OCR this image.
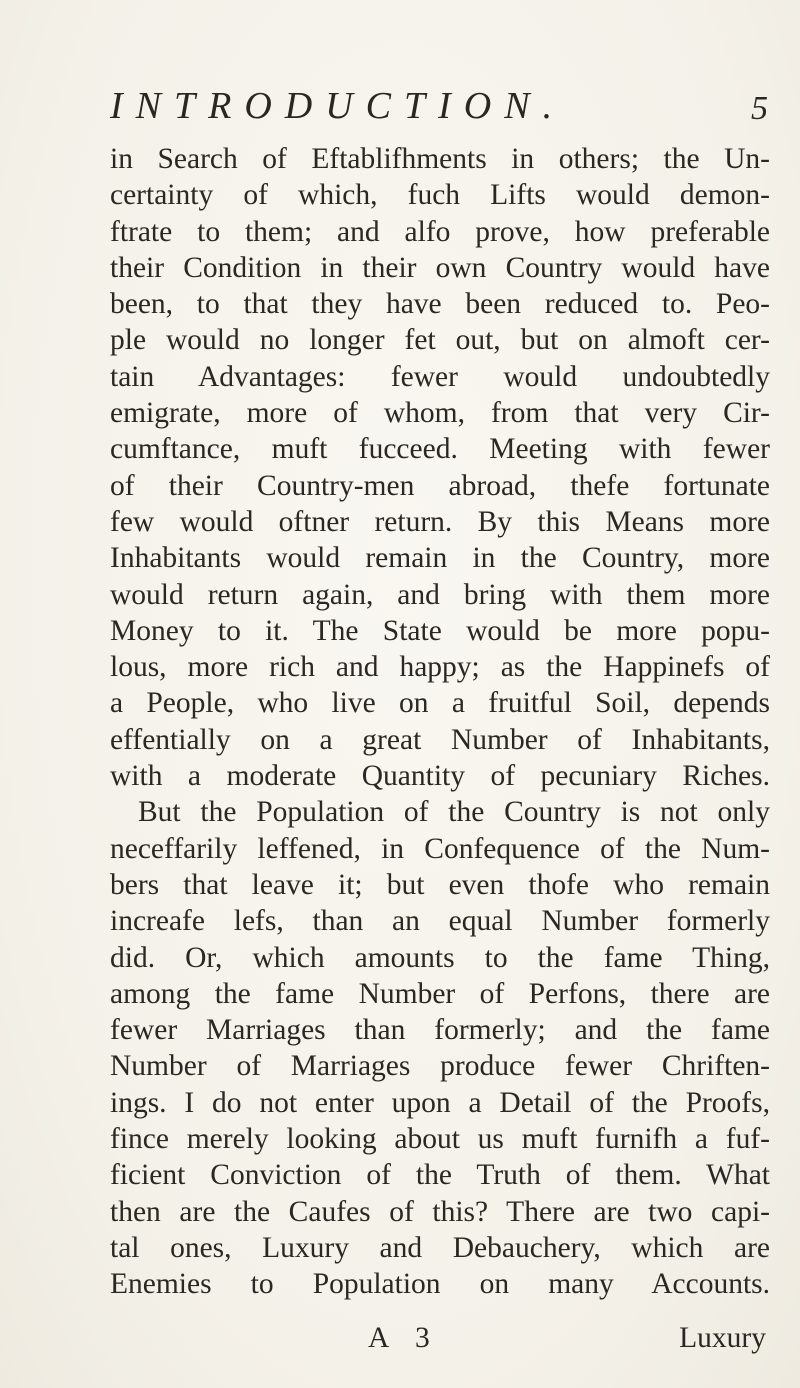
INTRODUCTION.	5
in Search of Eftablifhments in others; the Un-
certainty of which, fuch Lifts would demon-
ftrate to them; and alfo prove, how preferable
their Condition in their own Country would have
been, to that they have been reduced to. Peo-
ple would no longer fet out, but on almoft cer-
tain Advantages: fewer would undoubtedly
emigrate, more of whom, from that very Cir-
cumftance, muft fucceed. Meeting with fewer
of their Country-men abroad, thefe fortunate
few would oftner return. By this Means more
Inhabitants would remain in the Country, more
would return again, and bring with them more
Money to it. The State would be more popu-
lous, more rich and happy; as the Happinefs of
a People, who live on a fruitful Soil, depends
effentially on a great Number of Inhabitants,
with a moderate Quantity of pecuniary Riches.
But the Population of the Country is not only
neceffarily leffened, in Confequence of the Num-
bers that leave it; but even thofe who remain
increafe lefs, than an equal Number formerly
did. Or, which amounts to the fame Thing,
among the fame Number of Perfons, there are
fewer Marriages than formerly; and the fame
Number of Marriages produce fewer Chriften-
ings. I do not enter upon a Detail of the Proofs,
fince merely looking about us muft furnifh a fuf-
ficient Conviction of the Truth of them. What
then are the Caufes of this? There are two capi-
tal ones, Luxury and Debauchery, which are
Enemies to Population on many Accounts.
A 3	Luxury
